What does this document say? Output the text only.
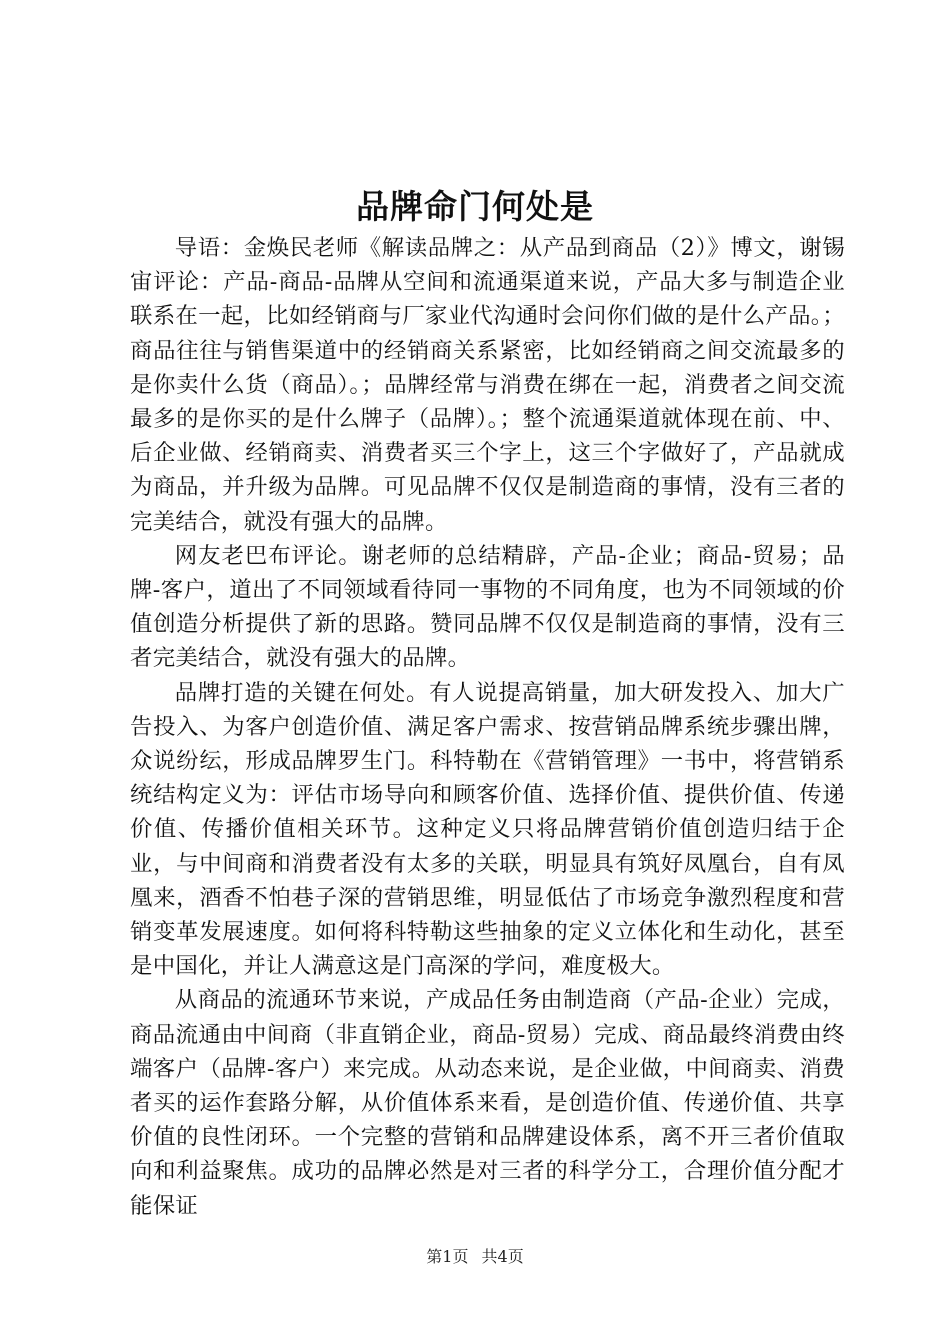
品牌命门何处是

导语：金焕民老师《解读品牌之：从产品到商品（2）》博文，谢锡宙评论：产品-商品-品牌从空间和流通渠道来说，产品大多与制造企业联系在一起，比如经销商与厂家业代沟通时会问你们做的是什么产品。；商品往往与销售渠道中的经销商关系紧密，比如经销商之间交流最多的是你卖什么货（商品）。；品牌经常与消费在绑在一起，消费者之间交流最多的是你买的是什么牌子（品牌）。；整个流通渠道就体现在前、中、后企业做、经销商卖、消费者买三个字上，这三个字做好了，产品就成为商品，并升级为品牌。可见品牌不仅仅是制造商的事情，没有三者的完美结合，就没有强大的品牌。

网友老巴布评论。谢老师的总结精辟，产品-企业；商品-贸易；品牌-客户，道出了不同领域看待同一事物的不同角度，也为不同领域的价值创造分析提供了新的思路。赞同品牌不仅仅是制造商的事情，没有三者完美结合，就没有强大的品牌。

品牌打造的关键在何处。有人说提高销量，加大研发投入、加大广告投入、为客户创造价值、满足客户需求、按营销品牌系统步骤出牌，众说纷纭，形成品牌罗生门。科特勒在《营销管理》一书中，将营销系统结构定义为：评估市场导向和顾客价值、选择价值、提供价值、传递价值、传播价值相关环节。这种定义只将品牌营销价值创造归结于企业，与中间商和消费者没有太多的关联，明显具有筑好凤凰台，自有凤凰来，酒香不怕巷子深的营销思维，明显低估了市场竞争激烈程度和营销变革发展速度。如何将科特勒这些抽象的定义立体化和生动化，甚至是中国化，并让人满意这是门高深的学问，难度极大。

从商品的流通环节来说，产成品任务由制造商（产品-企业）完成，商品流通由中间商（非直销企业，商品-贸易）完成、商品最终消费由终端客户（品牌-客户）来完成。从动态来说，是企业做，中间商卖、消费者买的运作套路分解，从价值体系来看，是创造价值、传递价值、共享价值的良性闭环。一个完整的营销和品牌建设体系，离不开三者价值取向和利益聚焦。成功的品牌必然是对三者的科学分工，合理价值分配才能保证

第1页 共4页
